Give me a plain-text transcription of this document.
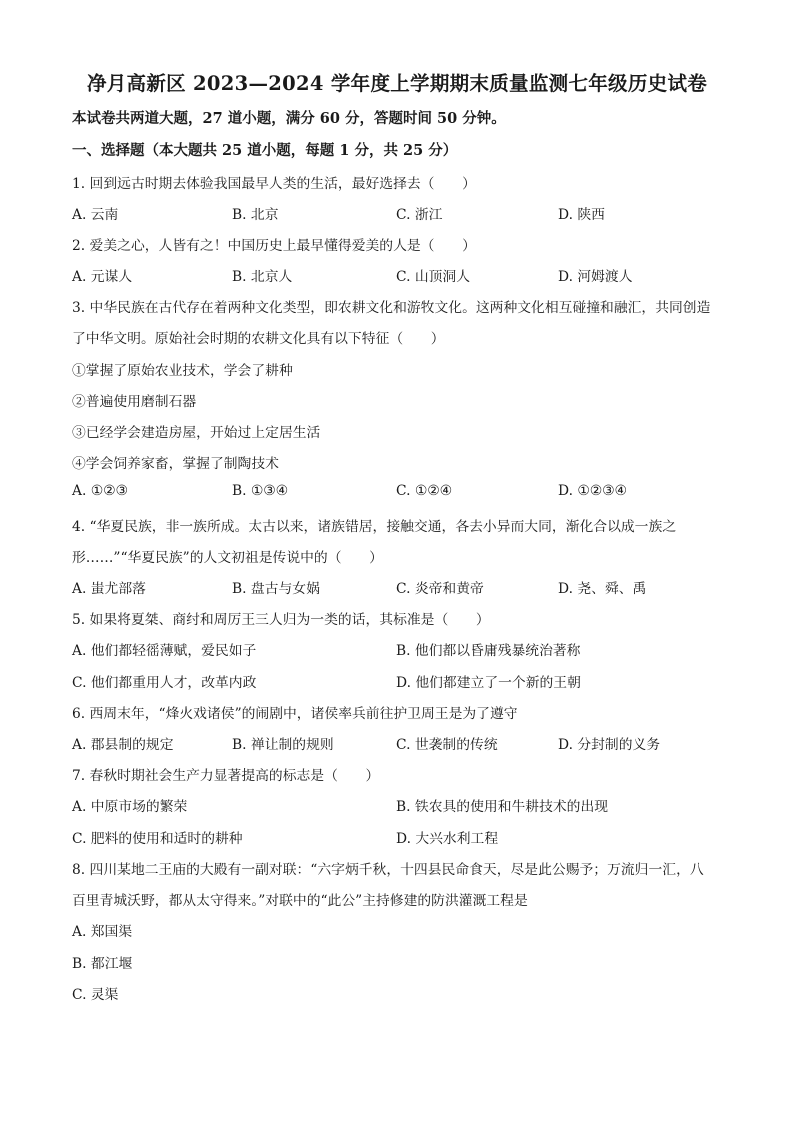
净月高新区 2023—2024 学年度上学期期末质量监测七年级历史试卷
本试卷共两道大题，27 道小题，满分 60 分，答题时间 50 分钟。
一、选择题（本大题共 25 道小题，每题 1 分，共 25 分）
1. 回到远古时期去体验我国最早人类的生活，最好选择去（　　）
A. 云南	B. 北京	C. 浙江	D. 陕西
2. 爱美之心，人皆有之！中国历史上最早懂得爱美的人是（　　）
A. 元谋人	B. 北京人	C. 山顶洞人	D. 河姆渡人
3. 中华民族在古代存在着两种文化类型，即农耕文化和游牧文化。这两种文化相互碰撞和融汇，共同创造
了中华文明。原始社会时期的农耕文化具有以下特征（　　）
①掌握了原始农业技术，学会了耕种
②普遍使用磨制石器
③已经学会建造房屋，开始过上定居生活
④学会饲养家畜，掌握了制陶技术
A. ①②③	B. ①③④	C. ①②④	D. ①②③④
4. “华夏民族，非一族所成。太古以来，诸族错居，接触交通，各去小异而大同，渐化合以成一族之
形……”“华夏民族”的人文初祖是传说中的（　　）
A. 蚩尤部落	B. 盘古与女娲	C. 炎帝和黄帝	D. 尧、舜、禹
5. 如果将夏桀、商纣和周厉王三人归为一类的话，其标准是（　　）
A. 他们都轻徭薄赋，爱民如子	B. 他们都以昏庸残暴统治著称
C. 他们都重用人才，改革内政	D. 他们都建立了一个新的王朝
6. 西周末年，“烽火戏诸侯”的闹剧中，诸侯率兵前往护卫周王是为了遵守
A. 郡县制的规定	B. 禅让制的规则	C. 世袭制的传统	D. 分封制的义务
7. 春秋时期社会生产力显著提高的标志是（　　）
A. 中原市场的繁荣	B. 铁农具的使用和牛耕技术的出现
C. 肥料的使用和适时的耕种	D. 大兴水利工程
8. 四川某地二王庙的大殿有一副对联：“六字炳千秋，十四县民命食天，尽是此公赐予；万流归一汇，八
百里青城沃野，都从太守得来。”对联中的“此公”主持修建的防洪灌溉工程是
A. 郑国渠
B. 都江堰
C. 灵渠
